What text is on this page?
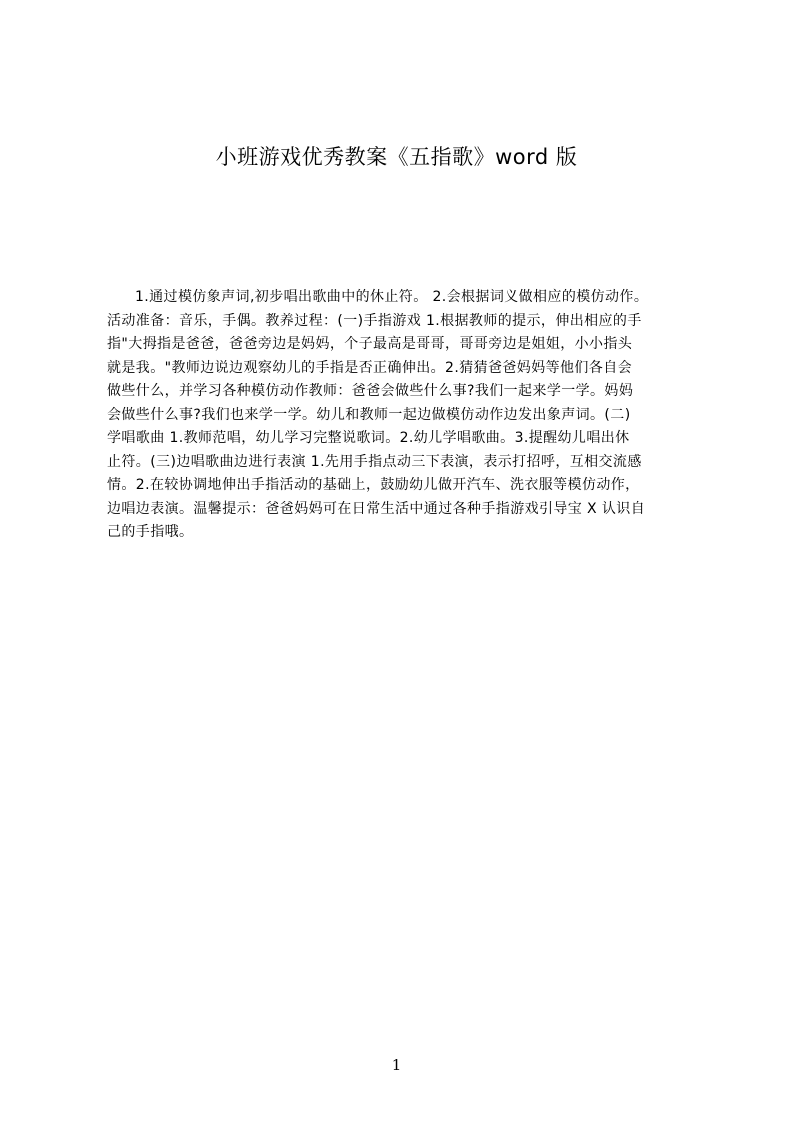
小班游戏优秀教案《五指歌》word 版
1.通过模仿象声词,初步唱出歌曲中的休止符。 2.会根据词义做相应的模仿动作。
活动准备：音乐，手偶。教养过程：(一)手指游戏 1.根据教师的提示，伸出相应的手
指"大拇指是爸爸，爸爸旁边是妈妈，个子最高是哥哥，哥哥旁边是姐姐，小小指头
就是我。"教师边说边观察幼儿的手指是否正确伸出。2.猜猜爸爸妈妈等他们各自会
做些什么，并学习各种模仿动作教师：爸爸会做些什么事?我们一起来学一学。妈妈
会做些什么事?我们也来学一学。幼儿和教师一起边做模仿动作边发出象声词。(二)
学唱歌曲 1.教师范唱，幼儿学习完整说歌词。2.幼儿学唱歌曲。3.提醒幼儿唱出休
止符。(三)边唱歌曲边进行表演 1.先用手指点动三下表演，表示打招呼，互相交流感
情。2.在较协调地伸出手指活动的基础上，鼓励幼儿做开汽车、洗衣服等模仿动作，
边唱边表演。温馨提示：爸爸妈妈可在日常生活中通过各种手指游戏引导宝 X 认识自
己的手指哦。
1
